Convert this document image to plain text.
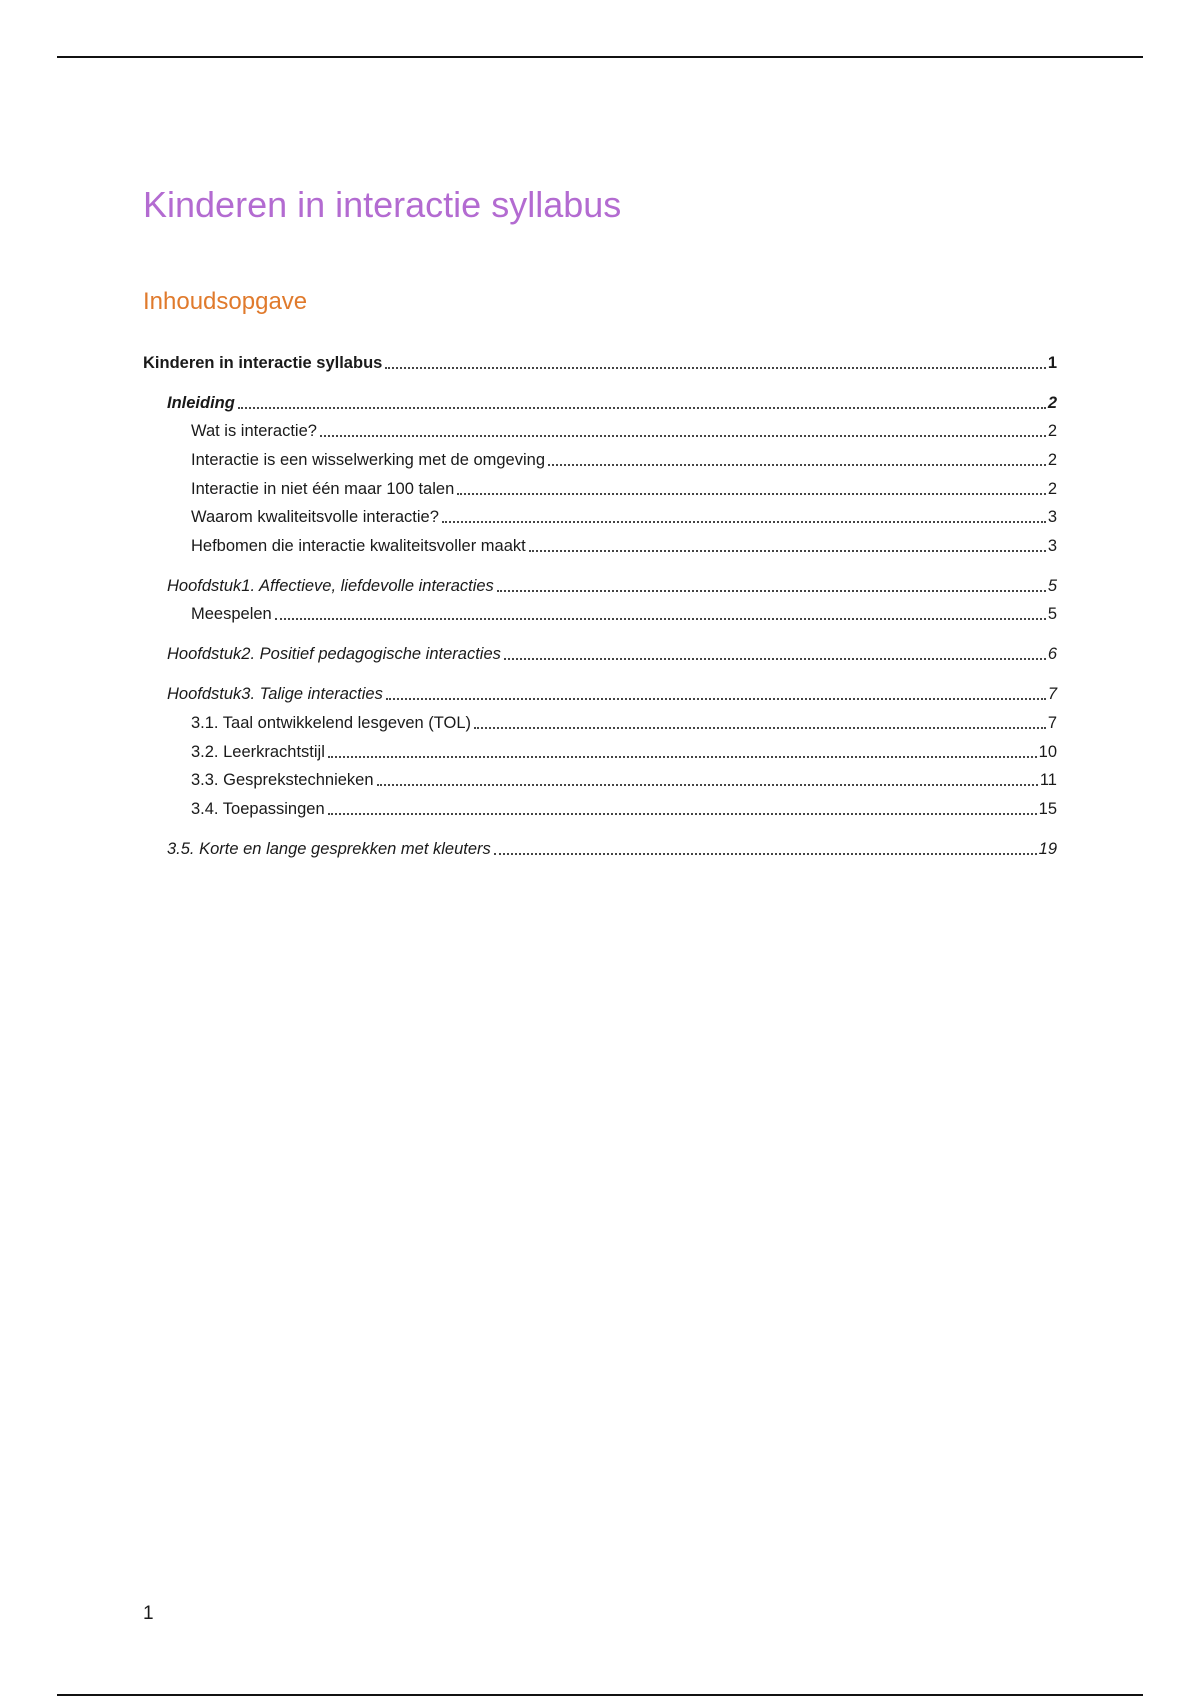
Kinderen in interactie syllabus
Inhoudsopgave
Kinderen in interactie syllabus	1
Inleiding	2
Wat is interactie?	2
Interactie is een wisselwerking met de omgeving	2
Interactie in niet één maar 100 talen	2
Waarom kwaliteitsvolle interactie?	3
Hefbomen die interactie kwaliteitsvoller maakt	3
Hoofdstuk1. Affectieve, liefdevolle interacties	5
Meespelen	5
Hoofdstuk2. Positief pedagogische interacties	6
Hoofdstuk3. Talige interacties	7
3.1. Taal ontwikkelend lesgeven (TOL)	7
3.2. Leerkrachtstijl	10
3.3. Gesprekstechnieken	11
3.4. Toepassingen	15
3.5. Korte en lange gesprekken met kleuters	19
1
